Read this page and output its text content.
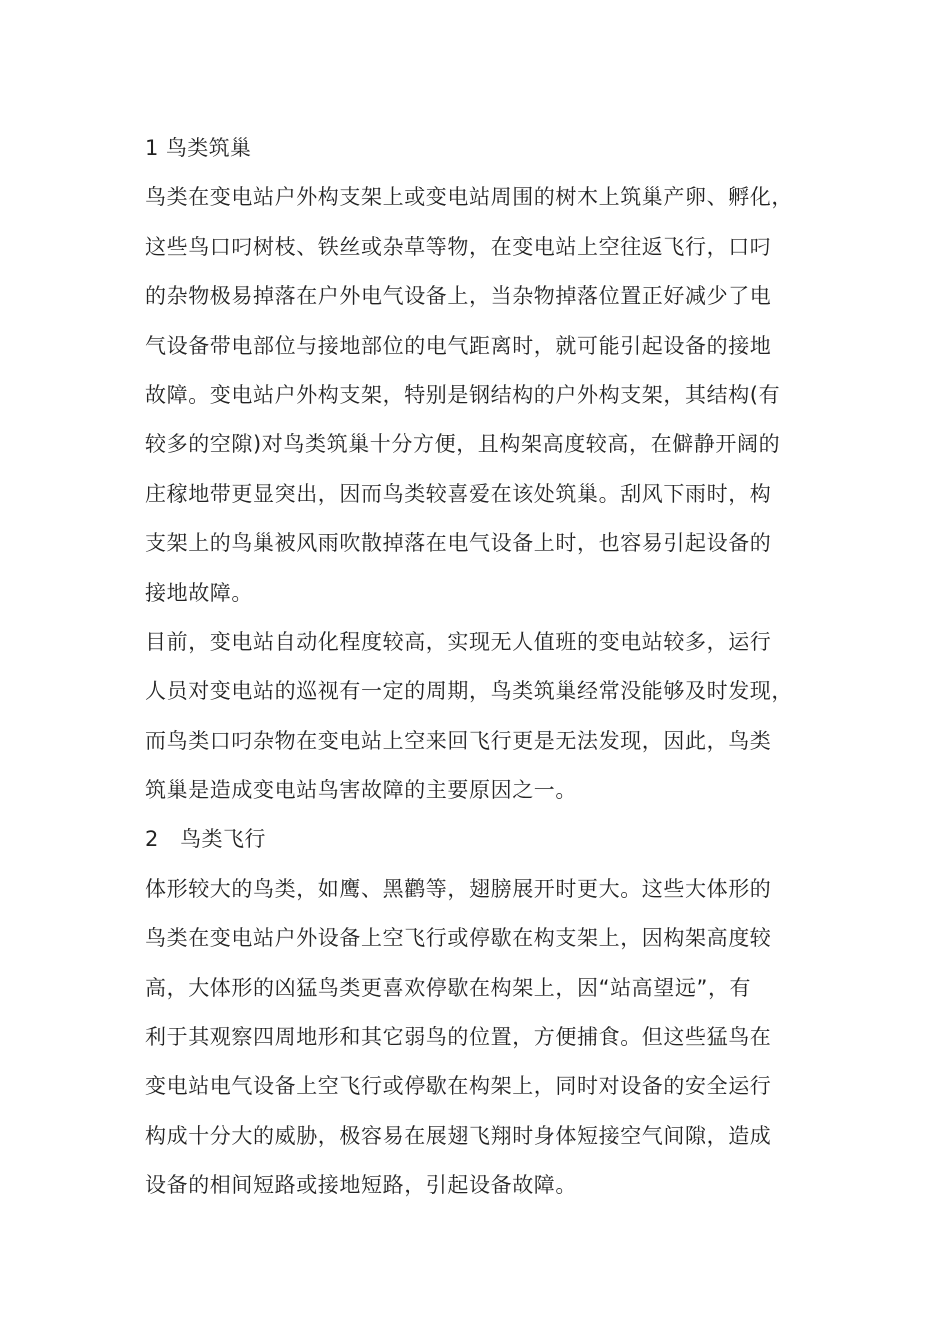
1 鸟类筑巢
鸟类在变电站户外构支架上或变电站周围的树木上筑巢产卵、孵化，
这些鸟口叼树枝、铁丝或杂草等物，在变电站上空往返飞行，口叼
的杂物极易掉落在户外电气设备上，当杂物掉落位置正好减少了电
气设备带电部位与接地部位的电气距离时，就可能引起设备的接地
故障。变电站户外构支架，特别是钢结构的户外构支架，其结构(有
较多的空隙)对鸟类筑巢十分方便，且构架高度较高，在僻静开阔的
庄稼地带更显突出，因而鸟类较喜爱在该处筑巢。刮风下雨时，构
支架上的鸟巢被风雨吹散掉落在电气设备上时，也容易引起设备的
接地故障。
目前，变电站自动化程度较高，实现无人值班的变电站较多，运行
人员对变电站的巡视有一定的周期，鸟类筑巢经常没能够及时发现，
而鸟类口叼杂物在变电站上空来回飞行更是无法发现，因此，鸟类
筑巢是造成变电站鸟害故障的主要原因之一。
2　鸟类飞行
体形较大的鸟类，如鹰、黑鹳等，翅膀展开时更大。这些大体形的
鸟类在变电站户外设备上空飞行或停歇在构支架上，因构架高度较
高，大体形的凶猛鸟类更喜欢停歇在构架上，因“站高望远”，有
利于其观察四周地形和其它弱鸟的位置，方便捕食。但这些猛鸟在
变电站电气设备上空飞行或停歇在构架上，同时对设备的安全运行
构成十分大的威胁，极容易在展翅飞翔时身体短接空气间隙，造成
设备的相间短路或接地短路，引起设备故障。
